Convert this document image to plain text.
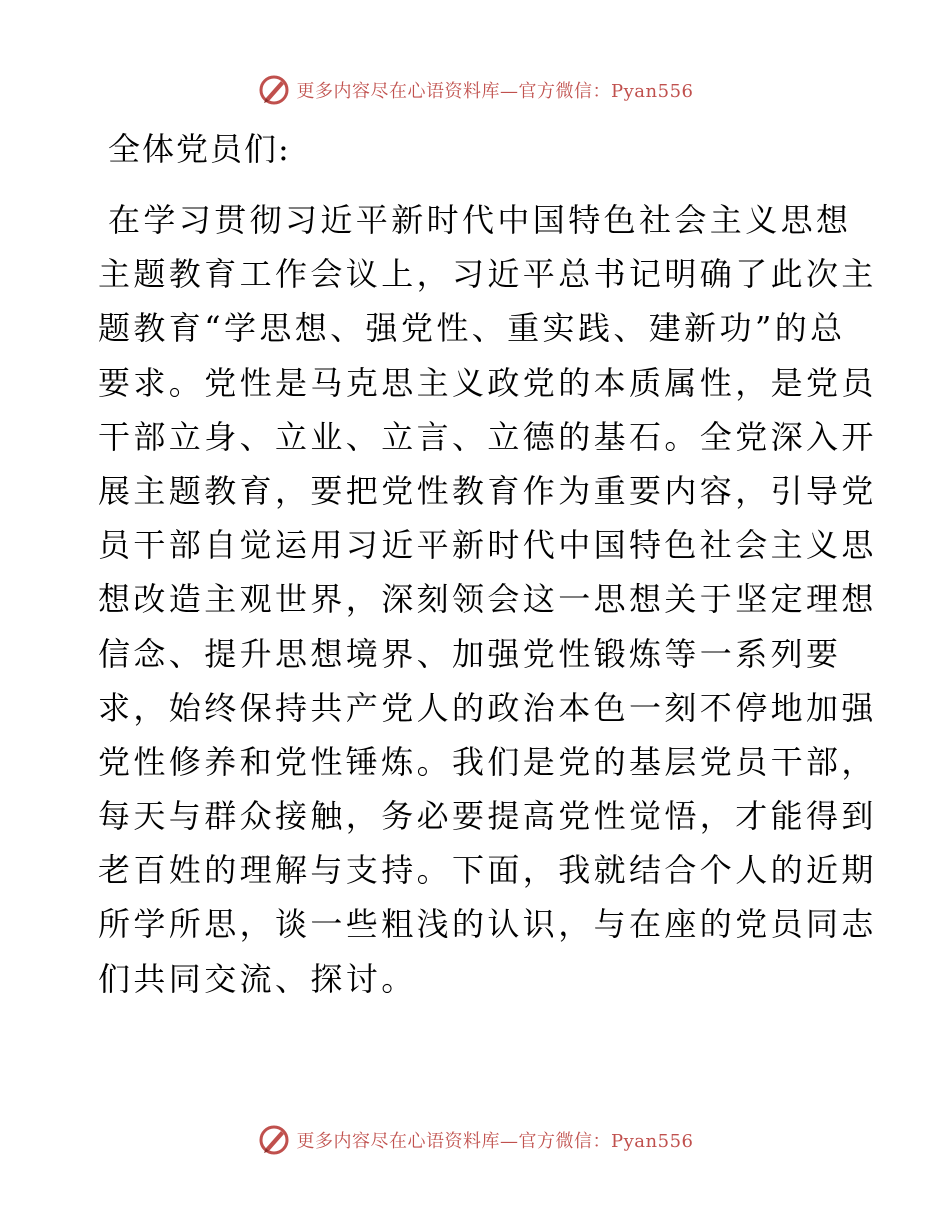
更多内容尽在心语资料库—官方微信：Pyan556
全体党员们:
在学习贯彻习近平新时代中国特色社会主义思想
主题教育工作会议上，习近平总书记明确了此次主
题教育“学思想、强党性、重实践、建新功”的总
要求。党性是马克思主义政党的本质属性，是党员
干部立身、立业、立言、立德的基石。全党深入开
展主题教育，要把党性教育作为重要内容，引导党
员干部自觉运用习近平新时代中国特色社会主义思
想改造主观世界，深刻领会这一思想关于坚定理想
信念、提升思想境界、加强党性锻炼等一系列要
求，始终保持共产党人的政治本色一刻不停地加强
党性修养和党性锤炼。我们是党的基层党员干部，
每天与群众接触，务必要提高党性觉悟，才能得到
老百姓的理解与支持。下面，我就结合个人的近期
所学所思，谈一些粗浅的认识，与在座的党员同志
们共同交流、探讨。
更多内容尽在心语资料库—官方微信：Pyan556
